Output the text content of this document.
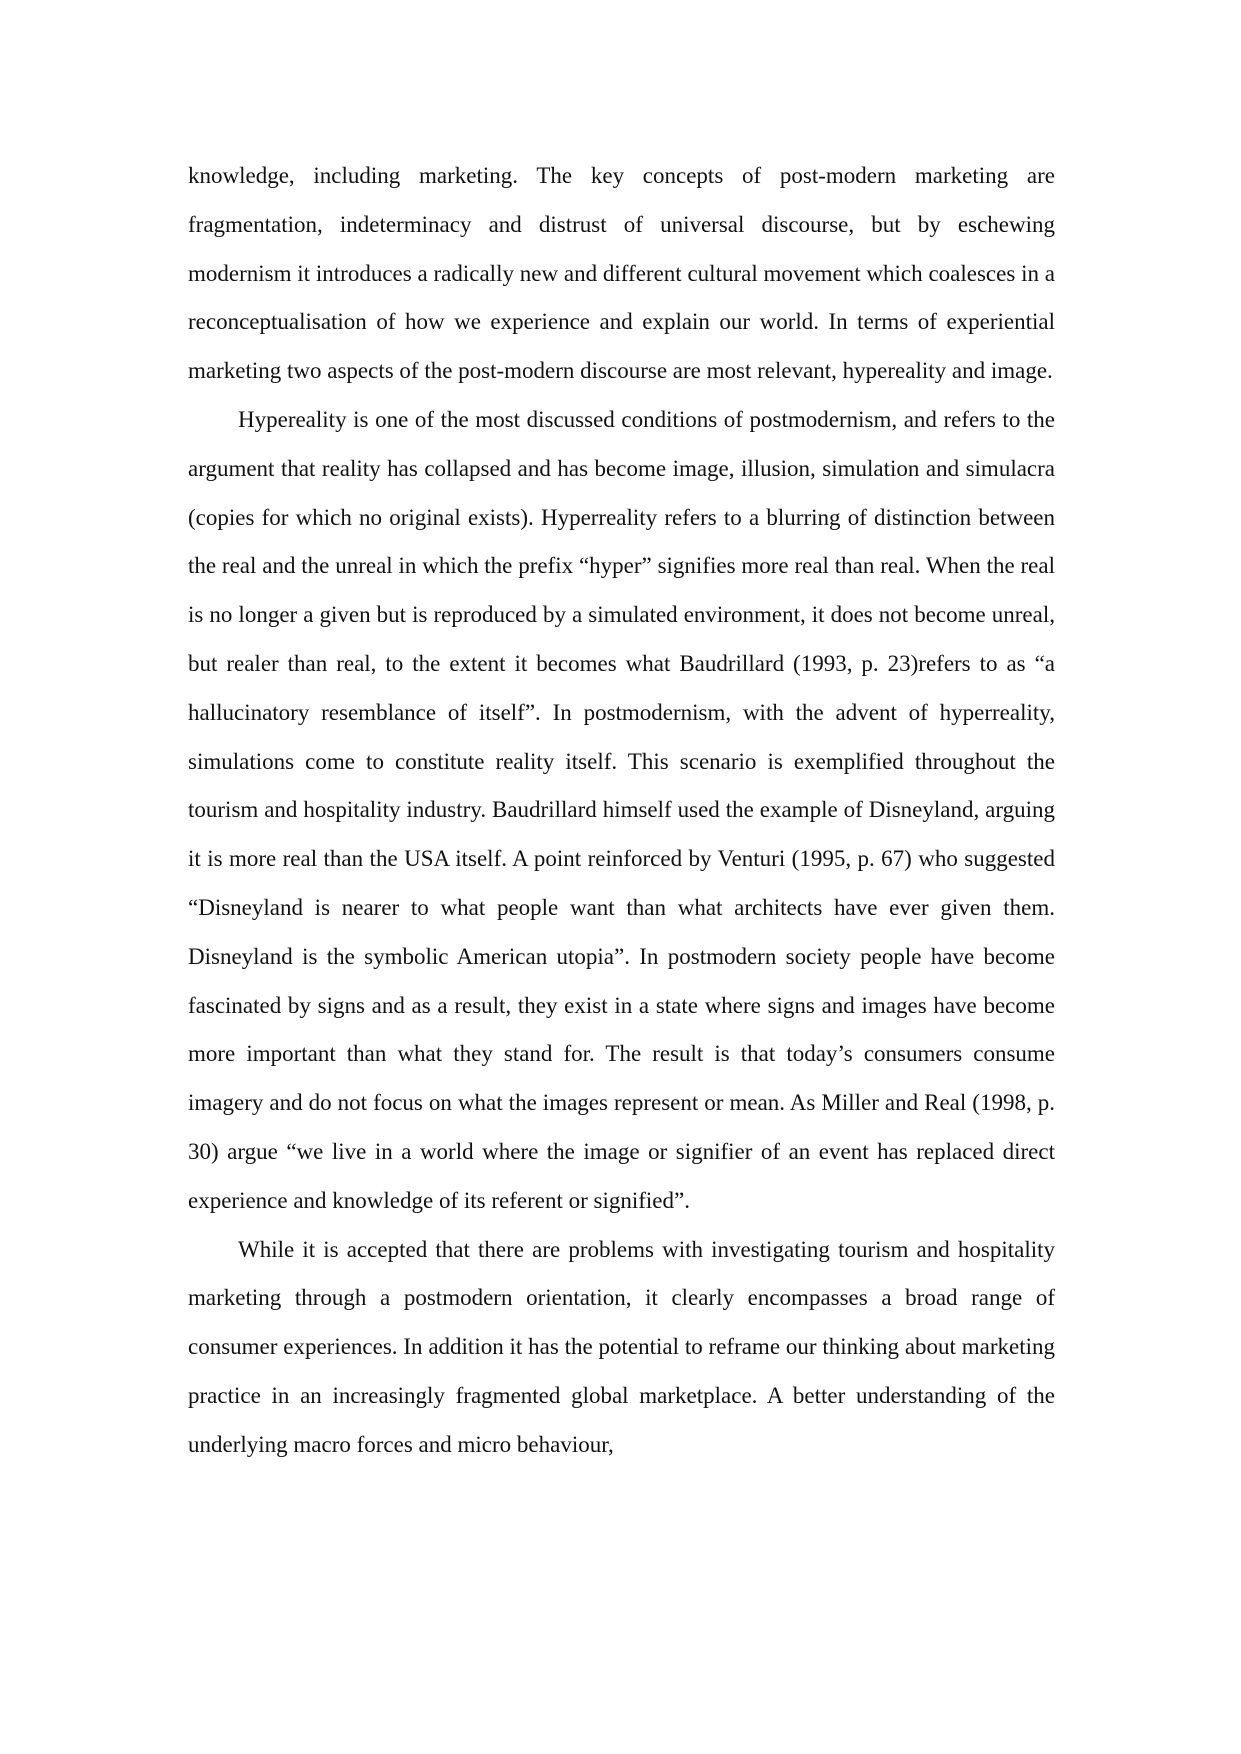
knowledge, including marketing. The key concepts of post-modern marketing are fragmentation, indeterminacy and distrust of universal discourse, but by eschewing modernism it introduces a radically new and different cultural movement which coalesces in a reconceptualisation of how we experience and explain our world. In terms of experiential marketing two aspects of the post-modern discourse are most relevant, hypereality and image.

Hypereality is one of the most discussed conditions of postmodernism, and refers to the argument that reality has collapsed and has become image, illusion, simulation and simulacra (copies for which no original exists). Hyperreality refers to a blurring of distinction between the real and the unreal in which the prefix “hyper” signifies more real than real. When the real is no longer a given but is reproduced by a simulated environment, it does not become unreal, but realer than real, to the extent it becomes what Baudrillard (1993, p. 23)refers to as “a hallucinatory resemblance of itself”. In postmodernism, with the advent of hyperreality, simulations come to constitute reality itself. This scenario is exemplified throughout the tourism and hospitality industry. Baudrillard himself used the example of Disneyland, arguing it is more real than the USA itself. A point reinforced by Venturi (1995, p. 67) who suggested “Disneyland is nearer to what people want than what architects have ever given them. Disneyland is the symbolic American utopia”. In postmodern society people have become fascinated by signs and as a result, they exist in a state where signs and images have become more important than what they stand for. The result is that today’s consumers consume imagery and do not focus on what the images represent or mean. As Miller and Real (1998, p. 30) argue “we live in a world where the image or signifier of an event has replaced direct experience and knowledge of its referent or signified”.

While it is accepted that there are problems with investigating tourism and hospitality marketing through a postmodern orientation, it clearly encompasses a broad range of consumer experiences. In addition it has the potential to reframe our thinking about marketing practice in an increasingly fragmented global marketplace. A better understanding of the underlying macro forces and micro behaviour,
